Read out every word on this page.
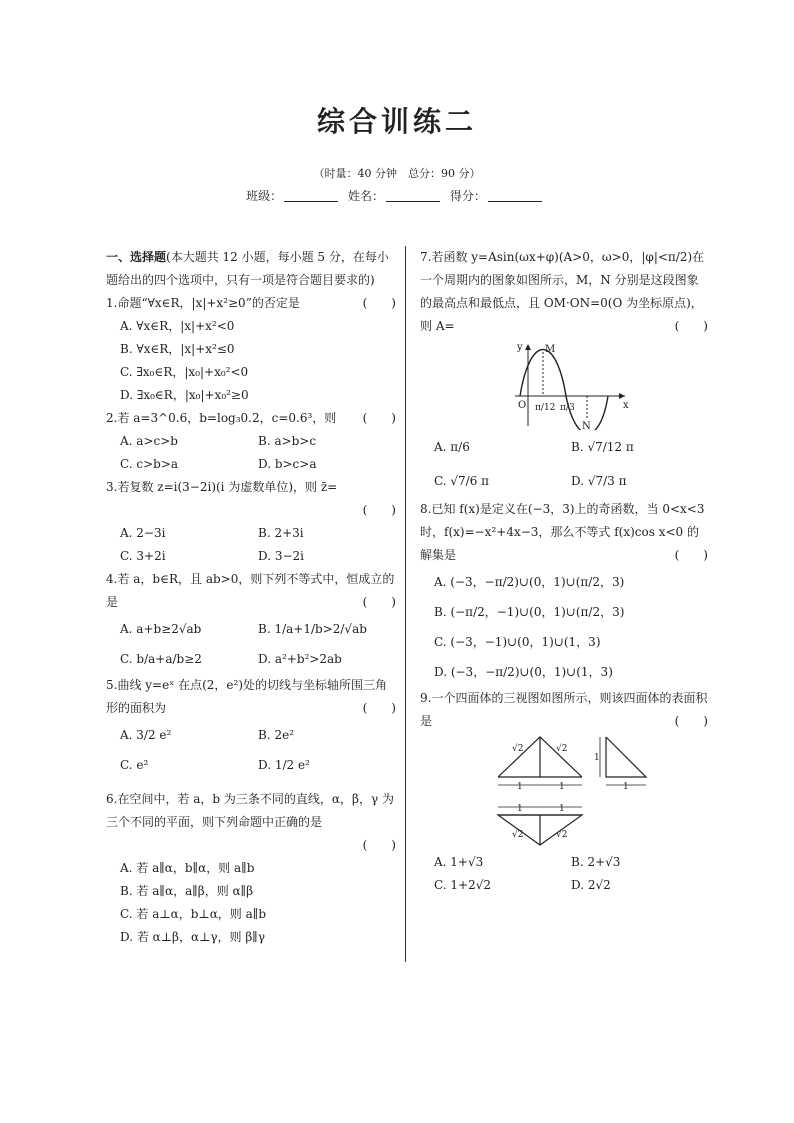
综合训练二
（时量：40 分钟　总分：90 分）
班级：	姓名：	得分：
一、选择题(本大题共 12 小题，每小题 5 分，在每小题给出的四个选项中，只有一项是符合题目要求的)
1.命题“∀x∈R，|x|+x²≥0”的否定是	(　　)
A. ∀x∈R，|x|+x²<0
B. ∀x∈R，|x|+x²≤0
C. ∃x₀∈R，|x₀|+x₀²<0
D. ∃x₀∈R，|x₀|+x₀²≥0
2.若 a=3^0.6，b=log₃0.2，c=0.6³，则	(　　)
A. a>c>b	B. a>b>c
C. c>b>a	D. b>c>a
3.若复数 z=i(3−2i)(i 为虚数单位)，则 z̄=
(　　)
A. 2−3i	B. 2+3i
C. 3+2i	D. 3−2i
4.若 a，b∈R，且 ab>0，则下列不等式中，恒成立的是	(　　)
A. a+b≥2√ab	B. 1/a+1/b>2/√ab
C. b/a+a/b≥2	D. a²+b²>2ab
5.曲线 y=eˣ 在点(2，e²)处的切线与坐标轴所围三角形的面积为	(　　)
A. 3/2 e²	B. 2e²
C. e²	D. 1/2 e²
6.在空间中，若 a，b 为三条不同的直线，α，β，γ 为三个不同的平面，则下列命题中正确的是
(　　)
A. 若 a∥α，b∥α，则 a∥b
B. 若 a∥α，a∥β，则 α∥β
C. 若 a⊥α，b⊥α，则 a∥b
D. 若 α⊥β，α⊥γ，则 β∥γ
7.若函数 y=Asin(ωx+φ)(A>0，ω>0，|φ|<π/2)在一个周期内的图象如图所示，M，N 分别是这段图象的最高点和最低点，且 OM·ON=0(O 为坐标原点)，则 A=	(　　)
y
O	x
M
N
π/12 π/3
A. π/6	B. √7/12 π
C. √7/6 π	D. √7/3 π
8.已知 f(x)是定义在(−3，3)上的奇函数，当 0<x<3 时，f(x)=−x²+4x−3，那么不等式 f(x)cos x<0 的解集是	(　　)
A. (−3，−π/2)∪(0，1)∪(π/2，3)
B. (−π/2，−1)∪(0，1)∪(π/2，3)
C. (−3，−1)∪(0，1)∪(1，3)
D. (−3，−π/2)∪(0，1)∪(1，3)
9.一个四面体的三视图如图所示，则该四面体的表面积是	(　　)
1	1	1
1
1	1
√2	√2
√2	√2
A. 1+√3	B. 2+√3
C. 1+2√2	D. 2√2
